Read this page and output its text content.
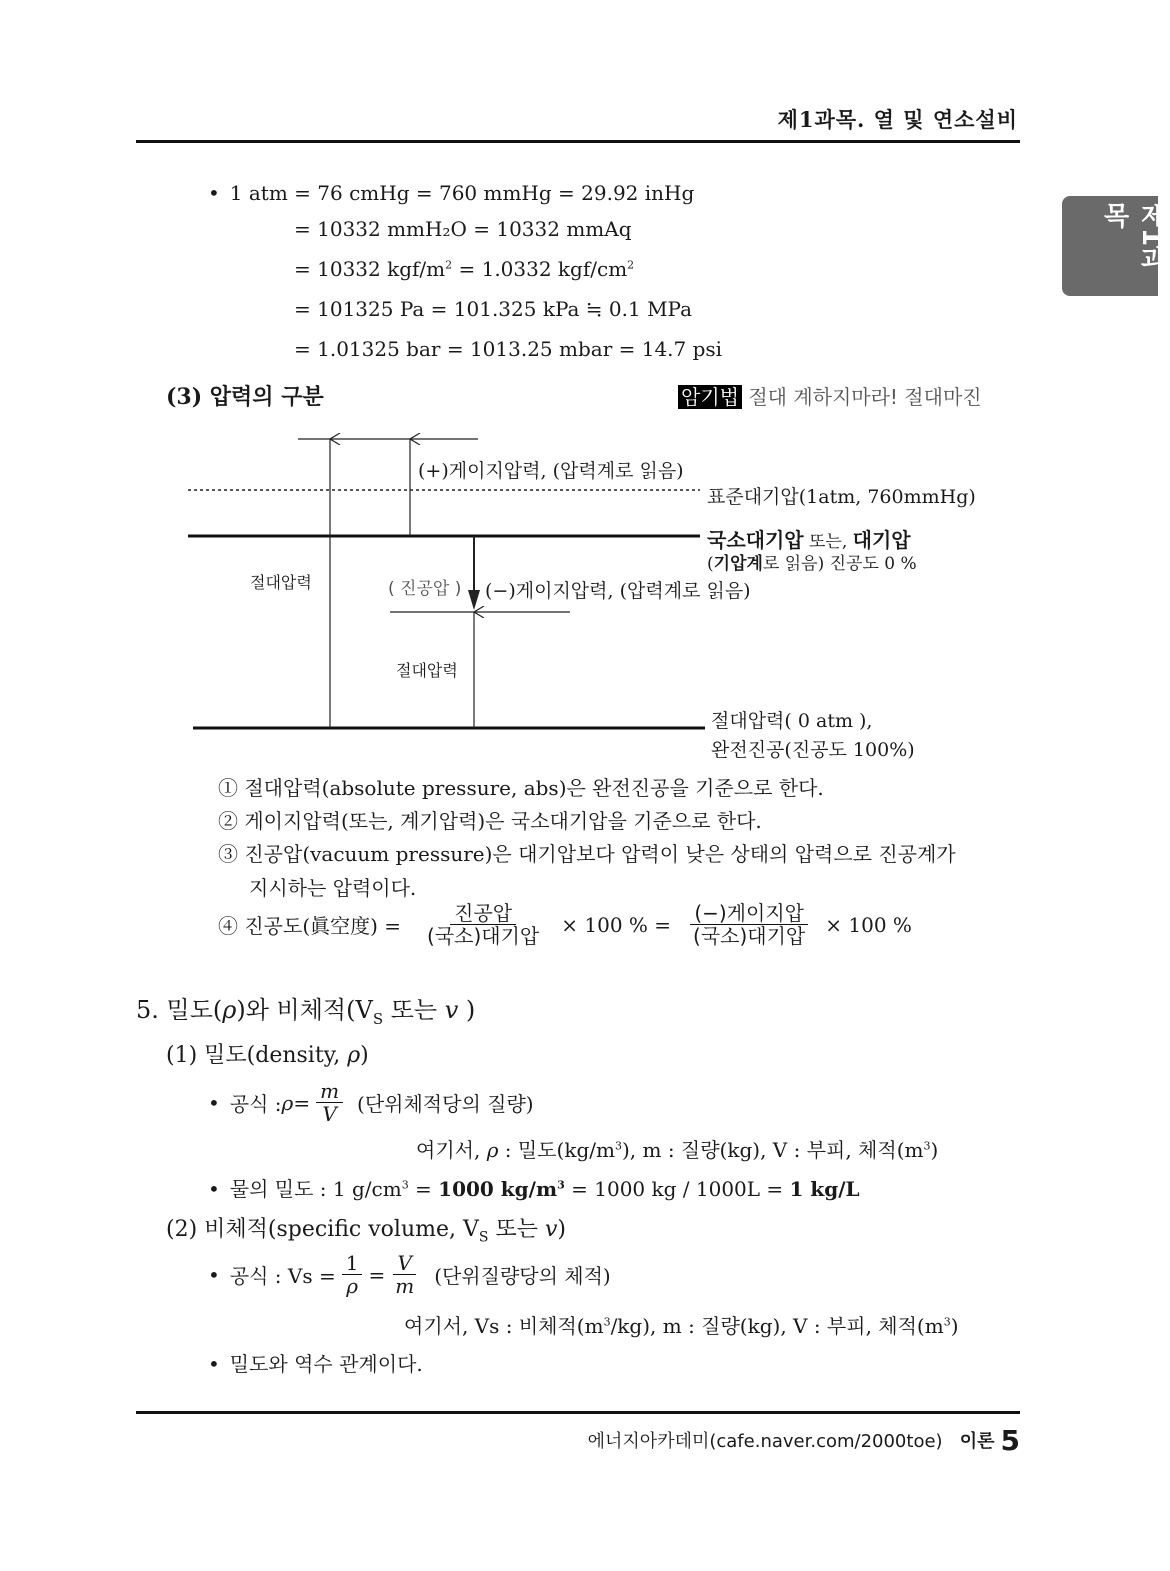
제1과목. 열 및 연소설비
제1과목
• 1 atm = 76 cmHg = 760 mmHg = 29.92 inHg
= 10332 mmH₂O = 10332 mmAq
= 10332 kgf/$m^2 = 1.0332$ kgf/$cm^2$
= 101325 Pa = 101.325 kPa ≒ 0.1 MPa
= 1.01325 bar = 1013.25 mbar = 14.7 psi
(3) 압력의 구분	암기법 절대 계하지마라! 절대마진
(+)게이지압력, (압력계로 읽음)
표준대기압(1atm, 760mmHg)
국소대기압 또는, 대기압
(기압계로 읽음) 진공도 0 %
절대압력	( 진공압 ) (−)게이지압력, (압력계로 읽음)
절대압력
절대압력( 0 atm ),
완전진공(진공도 100%)
① 절대압력(absolute pressure, abs)은 완전진공을 기준으로 한다.
② 게이지압력(또는, 계기압력)은 국소대기압을 기준으로 한다.
③ 진공압(vacuum pressure)은 대기압보다 압력이 낮은 상태의 압력으로 진공계가
지시하는 압력이다.
④ 진공도(眞空度) = $\frac{\text{진공압}}{\text{(국소)대기압}} \times 100$ % = $\frac{\text{(−)게이지압}}{\text{(국소)대기압}} \times 100$ %
5. 밀도(ρ)와 비체적($V_S$ 또는 v )
(1) 밀도(density, ρ)
• 공식 : $\rho = \frac{m}{V}$ (단위체적당의 질량)
여기서, ρ : 밀도$(kg/m^3)$, m : 질량(kg), V : 부피, 체적$(m^3)$
• 물의 밀도 : 1 $g/cm^3 = 1000$ $kg/m^3 = 1000$ kg / 1000L = 1 kg/L
(2) 비체적(specific volume, $V_S$ 또는 v)
• 공식 : $Vs = \frac{1}{\rho} = \frac{V}{m}$ (단위질량당의 체적)
여기서, Vs : 비체적$(m^3/kg)$, m : 질량(kg), V : 부피, 체적$(m^3)$
• 밀도와 역수 관계이다.
에너지아카데미(cafe.naver.com/2000toe) 이론 5
